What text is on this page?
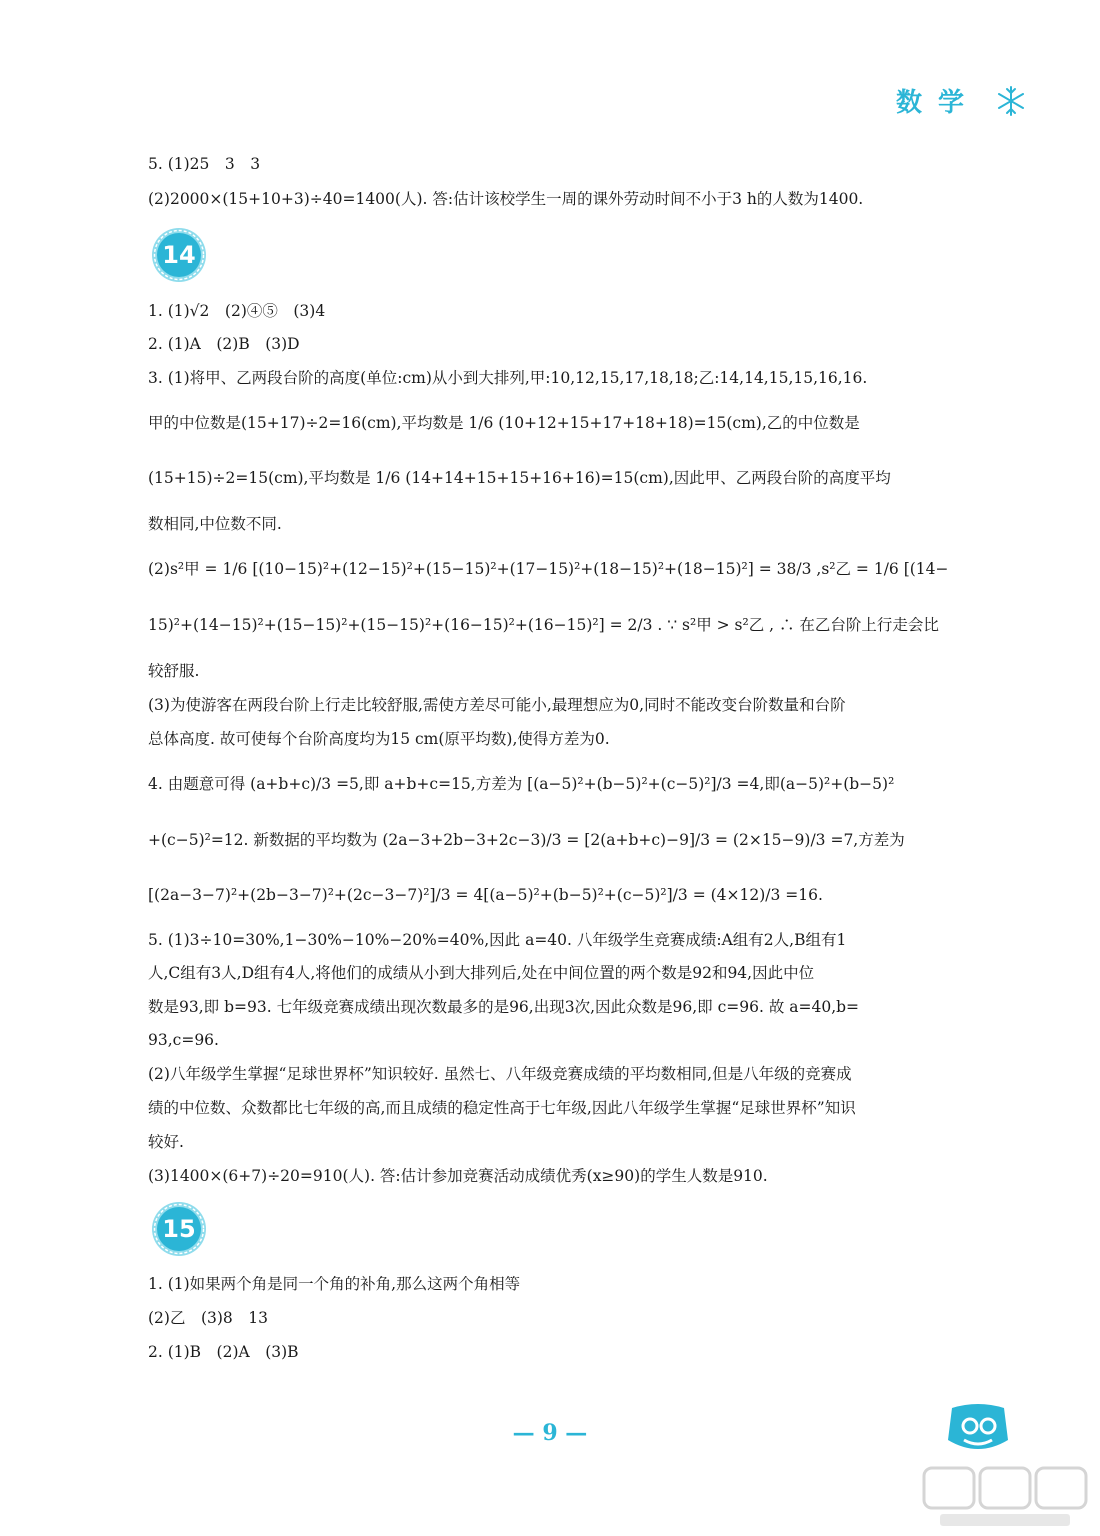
数学
5. (1)25　3　3
(2)2000×(15+10+3)÷40=1400(人). 答:估计该校学生一周的课外劳动时间不小于3 h的人数为1400.
14
1. (1)√2　(2)④⑤　(3)4
2. (1)A　(2)B　(3)D
3. (1)将甲、乙两段台阶的高度(单位:cm)从小到大排列,甲:10,12,15,17,18,18;乙:14,14,15,15,16,16.
甲的中位数是(15+17)÷2=16(cm),平均数是 1/6 (10+12+15+17+18+18)=15(cm),乙的中位数是
(15+15)÷2=15(cm),平均数是 1/6 (14+14+15+15+16+16)=15(cm),因此甲、乙两段台阶的高度平均
数相同,中位数不同.
(2)s²甲 = 1/6 [(10−15)²+(12−15)²+(15−15)²+(17−15)²+(18−15)²+(18−15)²] = 38/3 ,s²乙 = 1/6 [(14−
15)²+(14−15)²+(15−15)²+(15−15)²+(16−15)²+(16−15)²] = 2/3 . ∵ s²甲 > s²乙 , ∴ 在乙台阶上行走会比
较舒服.
(3)为使游客在两段台阶上行走比较舒服,需使方差尽可能小,最理想应为0,同时不能改变台阶数量和台阶
总体高度. 故可使每个台阶高度均为15 cm(原平均数),使得方差为0.
4. 由题意可得 (a+b+c)/3 =5,即 a+b+c=15,方差为 [(a−5)²+(b−5)²+(c−5)²]/3 =4,即(a−5)²+(b−5)²
+(c−5)²=12. 新数据的平均数为 (2a−3+2b−3+2c−3)/3 = [2(a+b+c)−9]/3 = (2×15−9)/3 =7,方差为
[(2a−3−7)²+(2b−3−7)²+(2c−3−7)²]/3 = 4[(a−5)²+(b−5)²+(c−5)²]/3 = (4×12)/3 =16.
5. (1)3÷10=30%,1−30%−10%−20%=40%,因此 a=40. 八年级学生竞赛成绩:A组有2人,B组有1
人,C组有3人,D组有4人,将他们的成绩从小到大排列后,处在中间位置的两个数是92和94,因此中位
数是93,即 b=93. 七年级竞赛成绩出现次数最多的是96,出现3次,因此众数是96,即 c=96. 故 a=40,b=
93,c=96.
(2)八年级学生掌握“足球世界杯”知识较好. 虽然七、八年级竞赛成绩的平均数相同,但是八年级的竞赛成
绩的中位数、众数都比七年级的高,而且成绩的稳定性高于七年级,因此八年级学生掌握“足球世界杯”知识
较好.
(3)1400×(6+7)÷20=910(人). 答:估计参加竞赛活动成绩优秀(x≥90)的学生人数是910.
15
1. (1)如果两个角是同一个角的补角,那么这两个角相等
(2)乙　(3)8　13
2. (1)B　(2)A　(3)B
— 9 —
